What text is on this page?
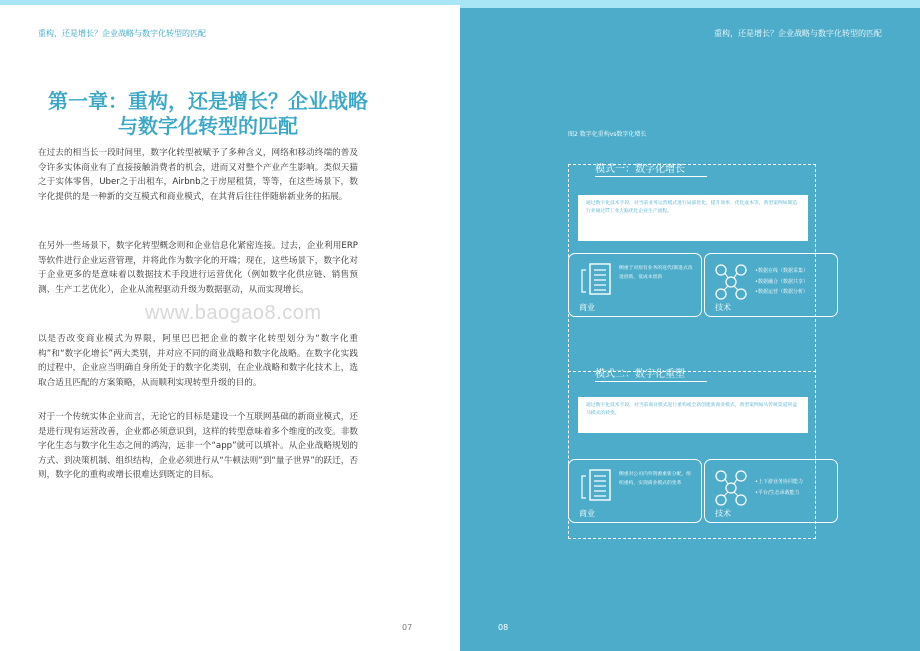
重构，还是增长？企业战略与数字化转型的匹配
第一章：重构，还是增长？企业战略
与数字化转型的匹配
在过去的相当长一段时间里，数字化转型被赋予了多种含义，网络和移动终端的普及令许多实体商业有了直接接触消费者的机会，进而又对整个产业产生影响。类似天猫之于实体零售，Uber之于出租车，Airbnb之于房屋租赁，等等，在这些场景下，数字化提供的是一种新的交互模式和商业模式，在其背后往往伴随崭新业务的拓展。
在另外一些场景下，数字化转型概念则和企业信息化紧密连接。过去，企业利用ERP等软件进行企业运营管理，并将此作为数字化的开端；现在，这些场景下，数字化对于企业更多的是意味着以数据技术手段进行运营优化（例如数字化供应链、销售预测、生产工艺优化），企业从流程驱动升级为数据驱动，从而实现增长。
www.baogao8.com
以是否改变商业模式为界限，阿里巴巴把企业的数字化转型划分为“数字化重构”和“数字化增长”两大类别，并对应不同的商业战略和数字化战略。在数字化实践的过程中，企业应当明确自身所处于的数字化类别，在企业战略和数字化技术上，选取合适且匹配的方案策略，从而顺利实现转型升级的目的。
对于一个传统实体企业而言，无论它的目标是建设一个互联网基础的新商业模式，还是进行现有运营改善，企业都必须意识到，这样的转型意味着多个维度的改变。非数字化生态与数字化生态之间的鸿沟，远非一个“app”就可以填补。从企业战略规划的方式、到决策机制、组织结构，企业必须进行从“牛顿法则”到“量子世界”的跃迁，否则，数字化的重构或增长很难达到既定的目标。
07
重构，还是增长？企业战略与数字化转型的匹配
图2 数字化重构vs数字化增长
模式一：数字化增长
通过数字化技术手段，对当前业务运营模式进行局部优化，提升效率、优化成本等，典型案例如制造行业通过IT工业大脑优化企业生产流程。
侧重于对原有业务的迭代/渐进式改进创新，低成本创新
商业
• 数据在线（数据采集）
• 数据融合（数据共享）
• 数据运营（数据分析）
技术
模式二：数字化重塑
通过数字化技术手段，对当前商业模式进行重构或全新创建新商业模式，典型案例如从传统渠道到盒马模式的转变。
侧重对公司内外资源重新分配，组织重构，实现商业模式的变革
商业
• 上下游业务协同能力
• 平台/生态承载能力
技术
08
